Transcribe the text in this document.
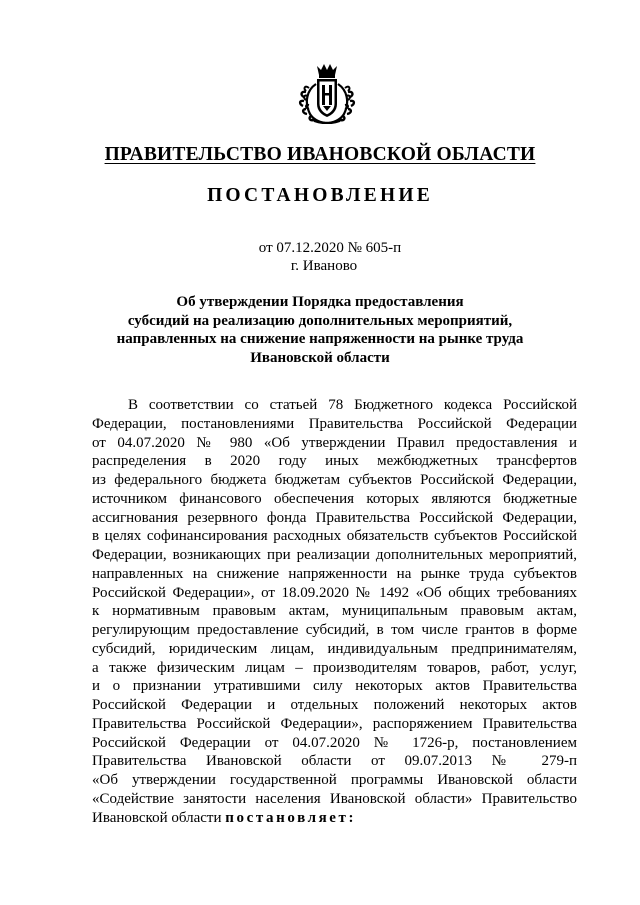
ПРАВИТЕЛЬСТВО ИВАНОВСКОЙ ОБЛАСТИ
ПОСТАНОВЛЕНИЕ
от 07.12.2020 № 605-п
г. Иваново
Об утверждении Порядка предоставления
субсидий на реализацию дополнительных мероприятий,
направленных на снижение напряженности на рынке труда
Ивановской области
В соответствии со статьей 78 Бюджетного кодекса Российской
Федерации, постановлениями Правительства Российской Федерации
от 04.07.2020 № 980 «Об утверждении Правил предоставления и
распределения в 2020 году иных межбюджетных трансфертов
из федерального бюджета бюджетам субъектов Российской Федерации,
источником финансового обеспечения которых являются бюджетные
ассигнования резервного фонда Правительства Российской Федерации,
в целях софинансирования расходных обязательств субъектов Российской
Федерации, возникающих при реализации дополнительных мероприятий,
направленных на снижение напряженности на рынке труда субъектов
Российской Федерации», от 18.09.2020 № 1492 «Об общих требованиях
к нормативным правовым актам, муниципальным правовым актам,
регулирующим предоставление субсидий, в том числе грантов в форме
субсидий, юридическим лицам, индивидуальным предпринимателям,
а также физическим лицам – производителям товаров, работ, услуг,
и о признании утратившими силу некоторых актов Правительства
Российской Федерации и отдельных положений некоторых актов
Правительства Российской Федерации», распоряжением Правительства
Российской Федерации от 04.07.2020 № 1726-р, постановлением
Правительства Ивановской области от 09.07.2013 № 279-п
«Об утверждении государственной программы Ивановской области
«Содействие занятости населения Ивановской области» Правительство
Ивановской области постановляет:
